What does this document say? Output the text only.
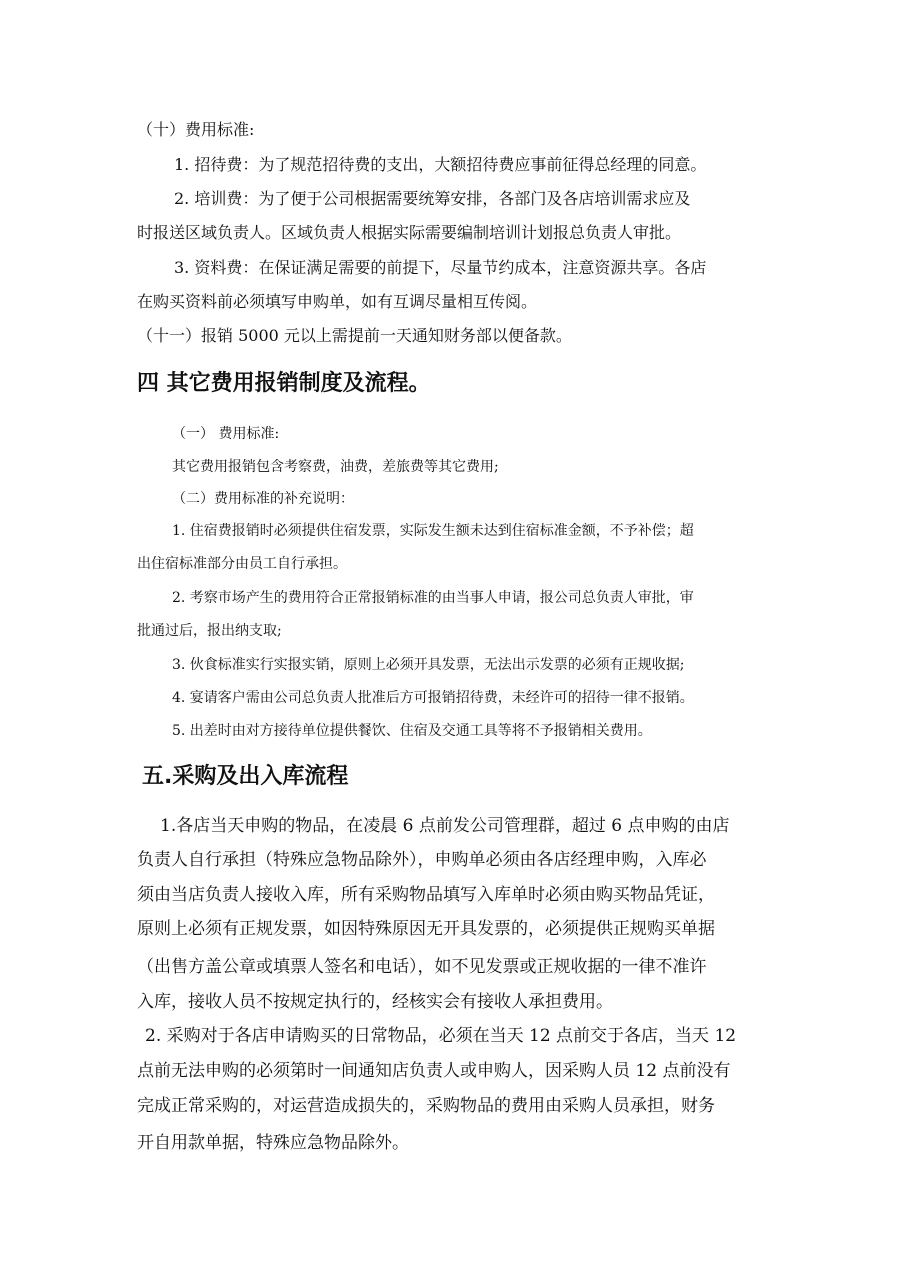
（十）费用标准:
1. 招待费：为了规范招待费的支出，大额招待费应事前征得总经理的同意。
2. 培训费：为了便于公司根据需要统筹安排，各部门及各店培训需求应及
时报送区域负责人。区域负责人根据实际需要编制培训计划报总负责人审批。
3. 资料费：在保证满足需要的前提下，尽量节约成本，注意资源共享。各店
在购买资料前必须填写申购单，如有互调尽量相互传阅。
（十一）报销 5000 元以上需提前一天通知财务部以便备款。
四 其它费用报销制度及流程。
（一） 费用标准:
其它费用报销包含考察费，油费，差旅费等其它费用;
（二）费用标准的补充说明：
1. 住宿费报销时必须提供住宿发票，实际发生额未达到住宿标准金额，不予补偿；超
出住宿标准部分由员工自行承担。
2. 考察市场产生的费用符合正常报销标准的由当事人申请，报公司总负责人审批，审
批通过后，报出纳支取;
3. 伙食标准实行实报实销，原则上必须开具发票，无法出示发票的必须有正规收据;
4. 宴请客户需由公司总负责人批准后方可报销招待费，未经许可的招待一律不报销。
5. 出差时由对方接待单位提供餐饮、住宿及交通工具等将不予报销相关费用。
五.采购及出入库流程
1.各店当天申购的物品，在凌晨 6 点前发公司管理群，超过 6 点申购的由店
负责人自行承担（特殊应急物品除外），申购单必须由各店经理申购，入库必
须由当店负责人接收入库，所有采购物品填写入库单时必须由购买物品凭证，
原则上必须有正规发票，如因特殊原因无开具发票的，必须提供正规购买单据
（出售方盖公章或填票人签名和电话），如不见发票或正规收据的一律不准许
入库，接收人员不按规定执行的，经核实会有接收人承担费用。
2. 采购对于各店申请购买的日常物品，必须在当天 12 点前交于各店，当天 12
点前无法申购的必须第时一间通知店负责人或申购人，因采购人员 12 点前没有
完成正常采购的，对运营造成损失的，采购物品的费用由采购人员承担，财务
开自用款单据，特殊应急物品除外。
